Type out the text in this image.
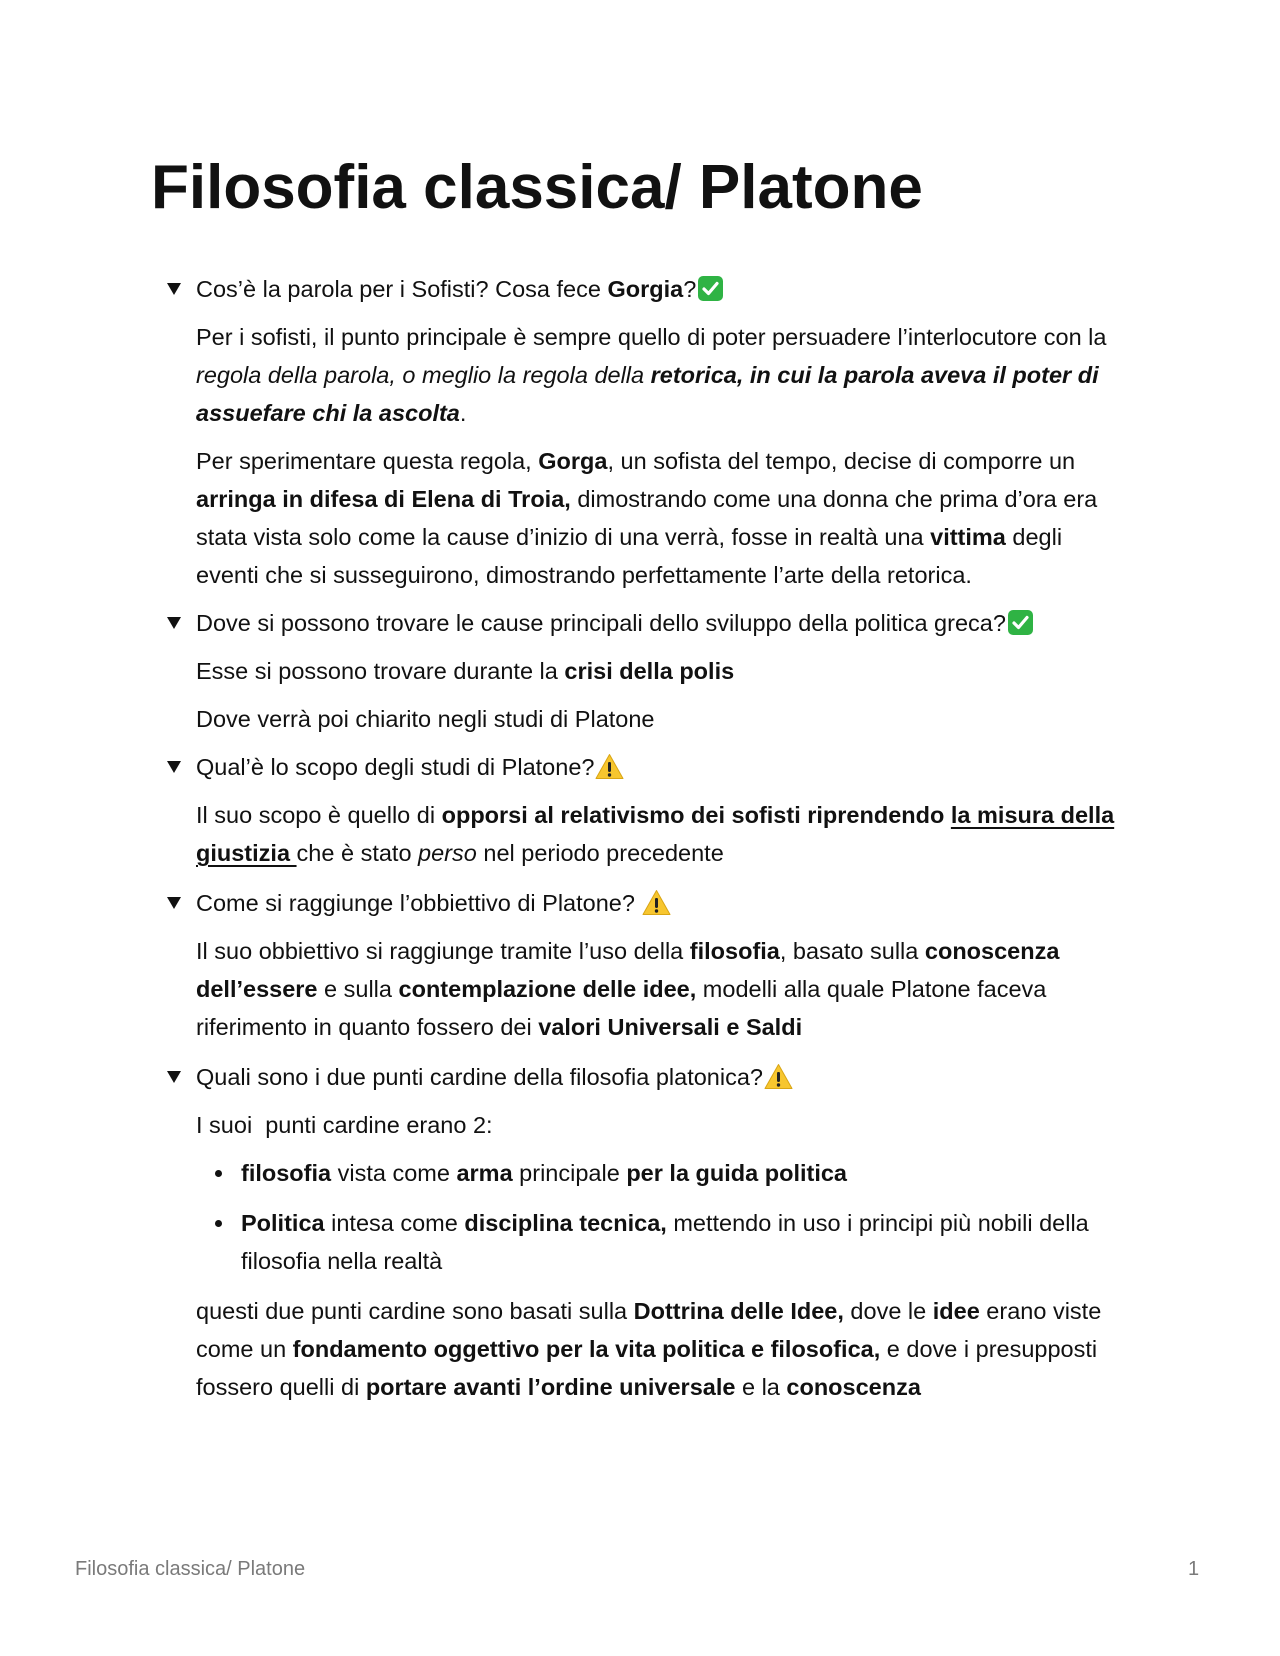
Filosofia classica/ Platone
Cos’è la parola per i Sofisti? Cosa fece Gorgia?

Per i sofisti, il punto principale è sempre quello di poter persuadere l’interlocutore con la regola della parola, o meglio la regola della retorica, in cui la parola aveva il poter di assuefare chi la ascolta.

Per sperimentare questa regola, Gorga, un sofista del tempo, decise di comporre un arringa in difesa di Elena di Troia, dimostrando come una donna che prima d’ora era stata vista solo come la cause d’inizio di una verrà, fosse in realtà una vittima degli eventi che si susseguirono, dimostrando perfettamente l’arte della retorica.

Dove si possono trovare le cause principali dello sviluppo della politica greca?

Esse si possono trovare durante la crisi della polis

Dove verrà poi chiarito negli studi di Platone

Qual’è lo scopo degli studi di Platone?

Il suo scopo è quello di opporsi al relativismo dei sofisti riprendendo la misura della giustizia che è stato perso nel periodo precedente

Come si raggiunge l’obbiettivo di Platone?

Il suo obbiettivo si raggiunge tramite l’uso della filosofia, basato sulla conoscenza dell’essere e sulla contemplazione delle idee, modelli alla quale Platone faceva riferimento in quanto fossero dei valori Universali e Saldi

Quali sono i due punti cardine della filosofia platonica?

I suoi  punti cardine erano 2:

filosofia vista come arma principale per la guida politica
Politica intesa come disciplina tecnica, mettendo in uso i principi più nobili della filosofia nella realtà

questi due punti cardine sono basati sulla Dottrina delle Idee, dove le idee erano viste come un fondamento oggettivo per la vita politica e filosofica, e dove i presupposti fossero quelli di portare avanti l’ordine universale e la conoscenza

Filosofia classica/ Platone	1
